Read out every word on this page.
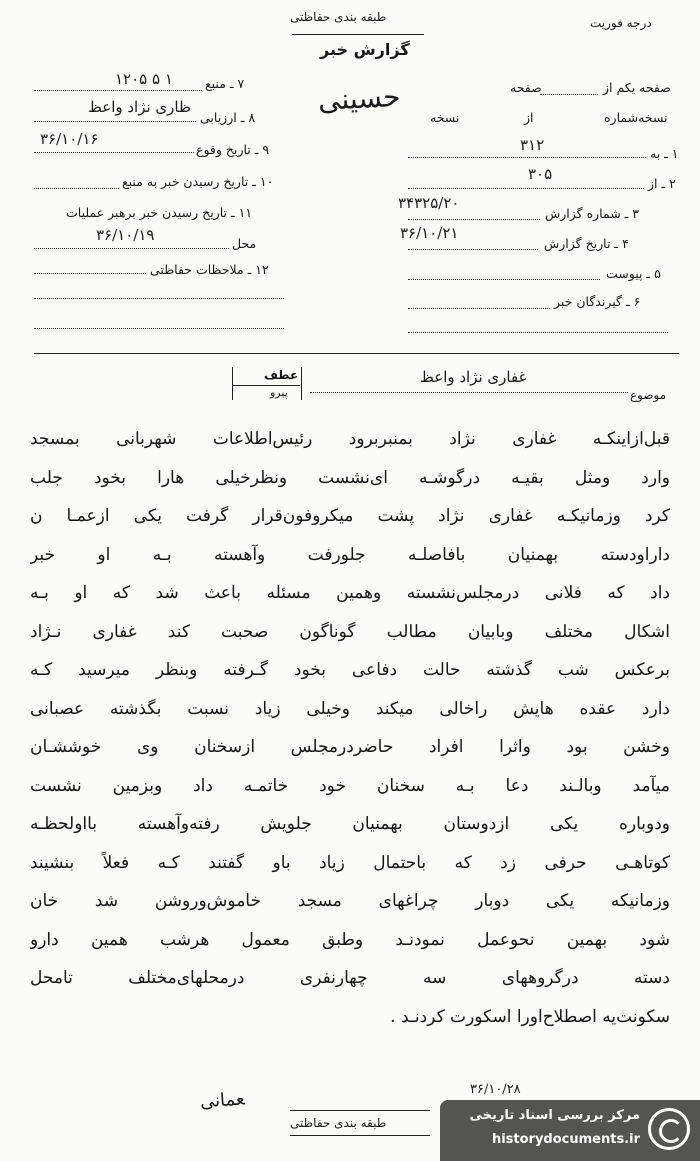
طبقه بندی حفاظتی
گزارش خبر
درجه فوریت
۷ ـ منبع
۱۲۰۵ ۵ ۱
۸ ـ ارزیابی
ظاری نژاد واعظ
۹ ـ تاریخ وقوع
۳۶/۱۰/۱۶
۱۰ ـ تاریخ رسیدن خبر به منبع
۱۱ ـ تاریخ رسیدن خبر برهبر عملیات
محل
۳۶/۱۰/۱۹
۱۲ ـ ملاحظات حفاظتی
صفحه یکم از
صفحه
نسخه‌شماره
از
نسخه
حسینی
۱ ـ به
۳۱۲
۲ ـ از
۳۰۵
۳ ـ شماره گزارش
۳۴۳۲۵/۲۰
۴ ـ تاریخ گزارش
۳۶/۱۰/۲۱
۵ ـ پیوست
۶ ـ گیرندگان خبر
موضوع
غفاری نژاد واعظ
عطف
پیرو
قبل‌ازاینکـه غفاری نژاد بمنبربرود رئیس‌اطلاعات شهربانی بمسجد
وارد ومثل بقیـه درگوشـه ای‌نشست ونظرخیلی هارا بخود جلب
کرد وزمانیکـه غفاری نژاد پشت میکروفون‌قرار گرفت یکی ازعمـا ن
داراودسته بهمنیان بافاصلـه جلورفت وآهسته بـه او خبر
داد که فلانی درمجلس‌نشسته وهمین مسئله باعث شد که او بـه
اشکال مختلف وبابیان مطالب گوناگون صحبت کند غفاری نـژاد
برعکس شب گذشته حالت دفاعی بخود گـرفته وبنظر میرسید کـه
دارد عقده هایش راخالی میکند وخیلی زیاد نسبت بگذشته عصبانی
وخشن بود واثرا افراد حاضردرمجلس ازسخنان وی خوششـان
میآمد وبالـند دعا بـه سخنان خود خاتمـه داد وبزمین نشست
ودوباره یکی ازدوستان بهمنیان جلویش رفته‌وآهسته بااولحظـه
کوتاهـی حرفی زد که باحتمال زیاد باو گفتند کـه فعلاً بنشیند
وزمانیکه یکی دوبار چراغهای مسجد خاموش‌وروشن شد خان
شود بهمین نحوعمل نمودنـد وطبق معمول هرشب همین دارو
دسته درگروههای سه چهارنفری درمحلهای‌مختلف تامحل
سکونت‌یه اصطلاح‌اورا اسکورت کردنـد .
۳۶/۱۰/۲۸
ﻌﻤﺎﻧﯽ
طبقه بندی حفاظتی	مرکز بررسی اسناد تاریخی
historydocuments.ir
